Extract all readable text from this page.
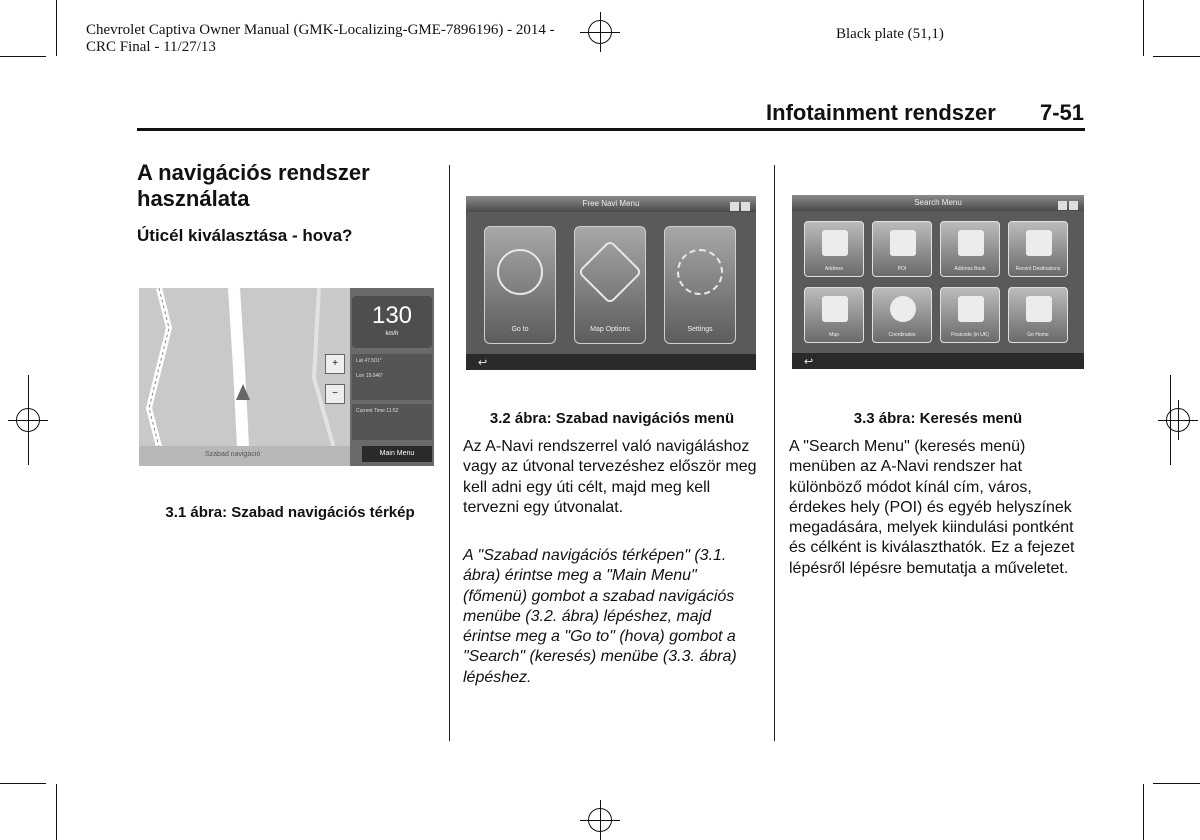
Chevrolet Captiva Owner Manual (GMK-Localizing-GME-7896196) - 2014 -
CRC Final - 11/27/13
Black plate (51,1)
Infotainment rendszer 7-51
A navigációs rendszer használata
Úticél kiválasztása - hova?
Szabad navigáció
+
−
130
km/h
Lat 47.501°
Lon 19.046°
Current Time 11:52
Main Menu
3.1 ábra: Szabad navigációs térkép
Free Navi Menu
Go to	Map Options	Settings
↩
3.2 ábra: Szabad navigációs menü
Az A-Navi rendszerrel való navigáláshoz vagy az útvonal tervezéshez először meg kell adni egy úti célt, majd meg kell tervezni egy útvonalat.
A "Szabad navigációs térképen" (3.1. ábra) érintse meg a "Main Menu" (főmenü) gombot a szabad navigációs menübe (3.2. ábra) lépéshez, majd érintse meg a "Go to" (hova) gombot a "Search" (keresés) menübe (3.3. ábra) lépéshez.
Search Menu
Address	POI	Address Book	Recent Destinations
Map	Coordinates	Postcode (in UK)	Go Home
↩
3.3 ábra: Keresés menü
A "Search Menu" (keresés menü) menüben az A-Navi rendszer hat különböző módot kínál cím, város, érdekes hely (POI) és egyéb helyszínek megadására, melyek kiindulási pontként és célként is kiválaszthatók. Ez a fejezet lépésről lépésre bemutatja a műveletet.
